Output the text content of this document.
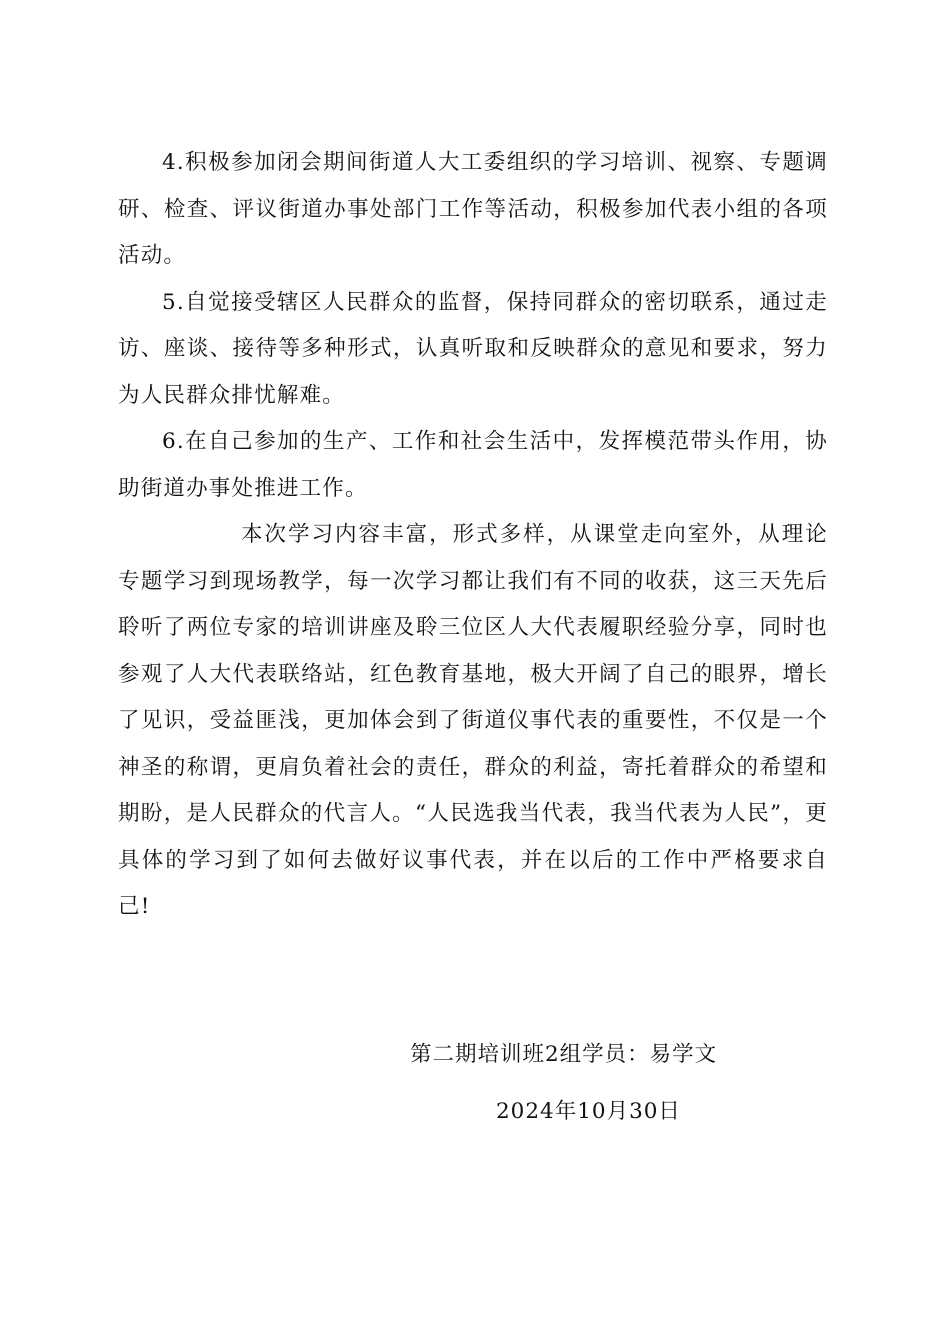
4.积极参加闭会期间街道人大工委组织的学习培训、视察、专题调研、检查、评议街道办事处部门工作等活动，积极参加代表小组的各项活动。

5.自觉接受辖区人民群众的监督，保持同群众的密切联系，通过走访、座谈、接待等多种形式，认真听取和反映群众的意见和要求，努力为人民群众排忧解难。

6.在自己参加的生产、工作和社会生活中，发挥模范带头作用，协助街道办事处推进工作。

本次学习内容丰富，形式多样，从课堂走向室外，从理论专题学习到现场教学，每一次学习都让我们有不同的收获，这三天先后聆听了两位专家的培训讲座及聆三位区人大代表履职经验分享，同时也参观了人大代表联络站，红色教育基地，极大开阔了自己的眼界，增长了见识，受益匪浅，更加体会到了街道仪事代表的重要性，不仅是一个神圣的称谓，更肩负着社会的责任，群众的利益，寄托着群众的希望和期盼，是人民群众的代言人。“人民选我当代表，我当代表为人民”，更具体的学习到了如何去做好议事代表，并在以后的工作中严格要求自己!

第二期培训班2组学员：易学文
2024年10月30日
